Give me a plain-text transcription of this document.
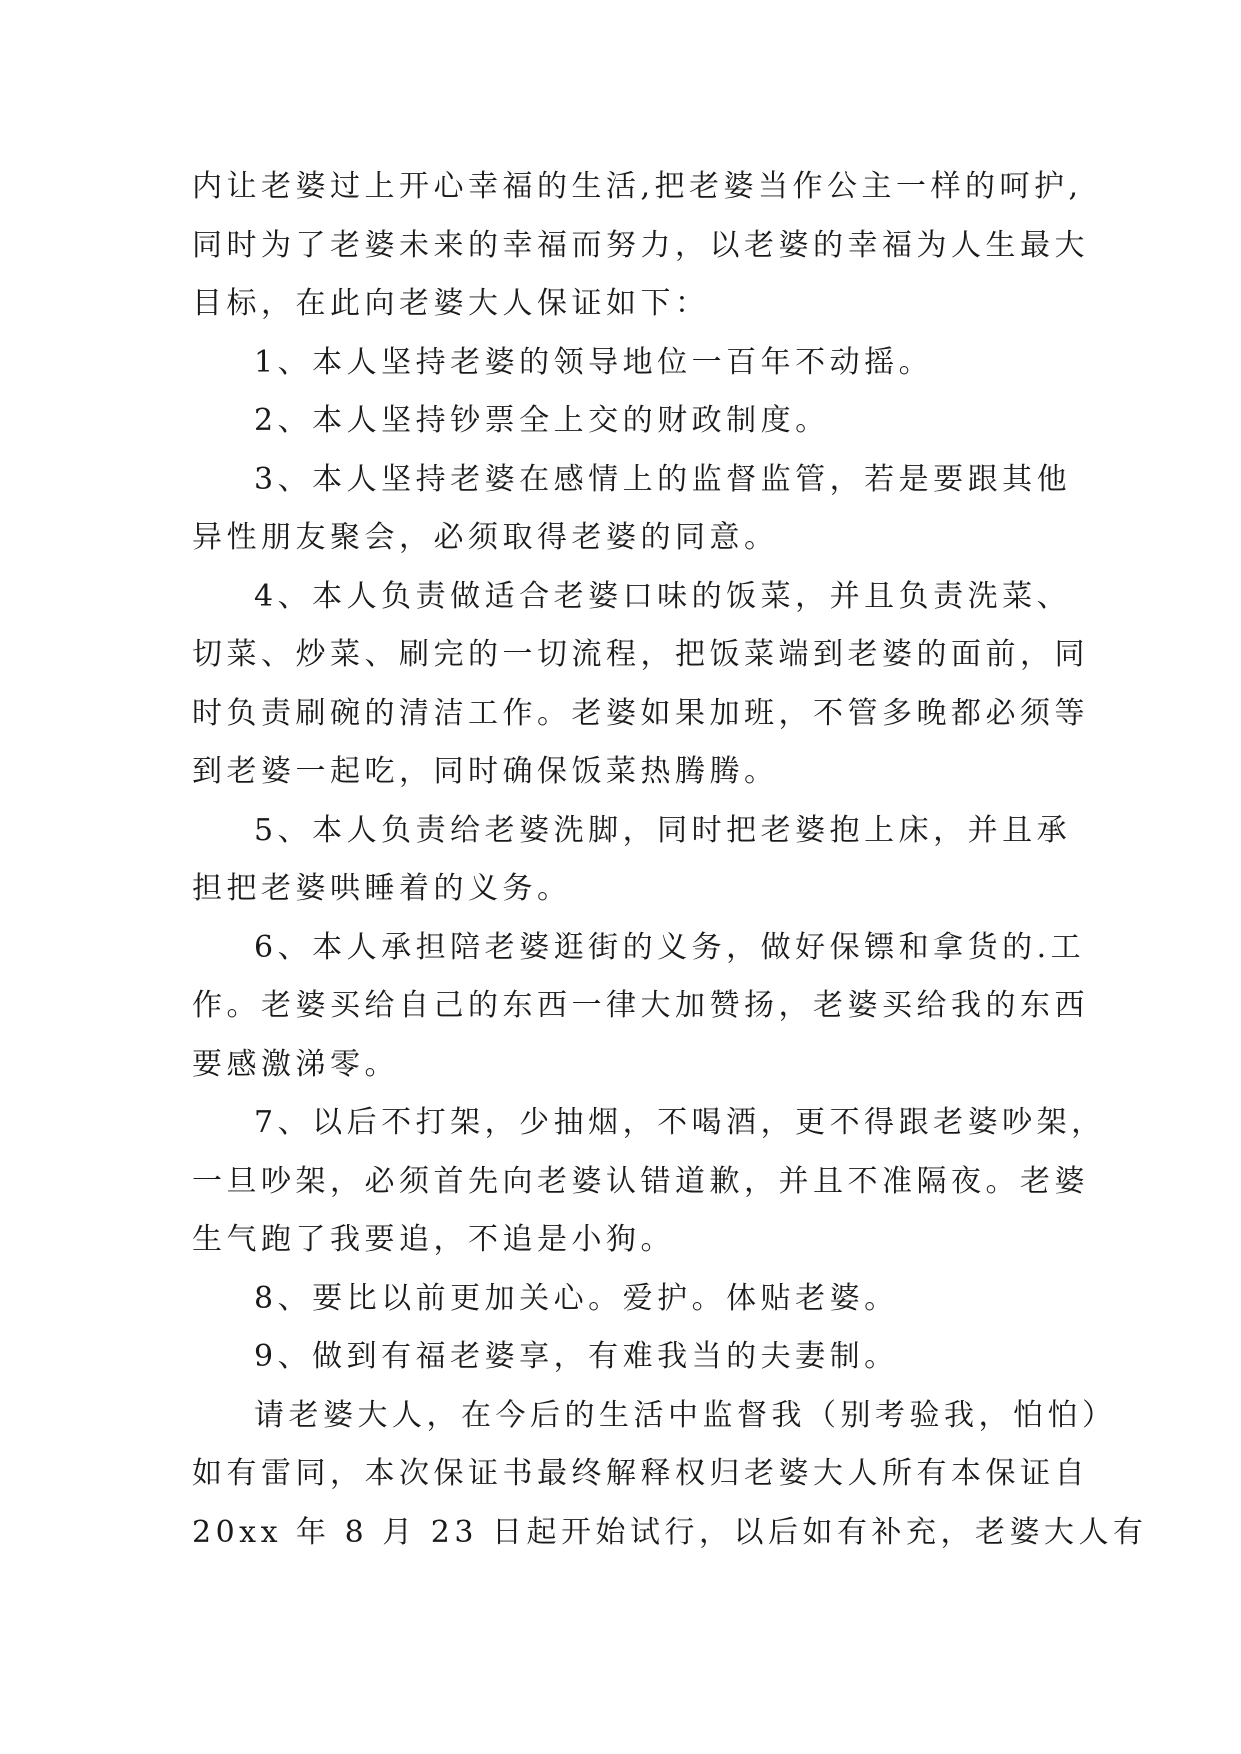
内让老婆过上开心幸福的生活,把老婆当作公主一样的呵护,
同时为了老婆未来的幸福而努力，以老婆的幸福为人生最大
目标，在此向老婆大人保证如下：
1、本人坚持老婆的领导地位一百年不动摇。
2、本人坚持钞票全上交的财政制度。
3、本人坚持老婆在感情上的监督监管，若是要跟其他
异性朋友聚会，必须取得老婆的同意。
4、本人负责做适合老婆口味的饭菜，并且负责洗菜、
切菜、炒菜、刷完的一切流程，把饭菜端到老婆的面前，同
时负责刷碗的清洁工作。老婆如果加班，不管多晚都必须等
到老婆一起吃，同时确保饭菜热腾腾。
5、本人负责给老婆洗脚，同时把老婆抱上床，并且承
担把老婆哄睡着的义务。
6、本人承担陪老婆逛街的义务，做好保镖和拿货的.工
作。老婆买给自己的东西一律大加赞扬，老婆买给我的东西
要感激涕零。
7、以后不打架，少抽烟，不喝酒，更不得跟老婆吵架，
一旦吵架，必须首先向老婆认错道歉，并且不准隔夜。老婆
生气跑了我要追，不追是小狗。
8、要比以前更加关心。爱护。体贴老婆。
9、做到有福老婆享，有难我当的夫妻制。
请老婆大人，在今后的生活中监督我（别考验我，怕怕）
如有雷同，本次保证书最终解释权归老婆大人所有本保证自
20xx 年 8 月 23 日起开始试行，以后如有补充，老婆大人有
